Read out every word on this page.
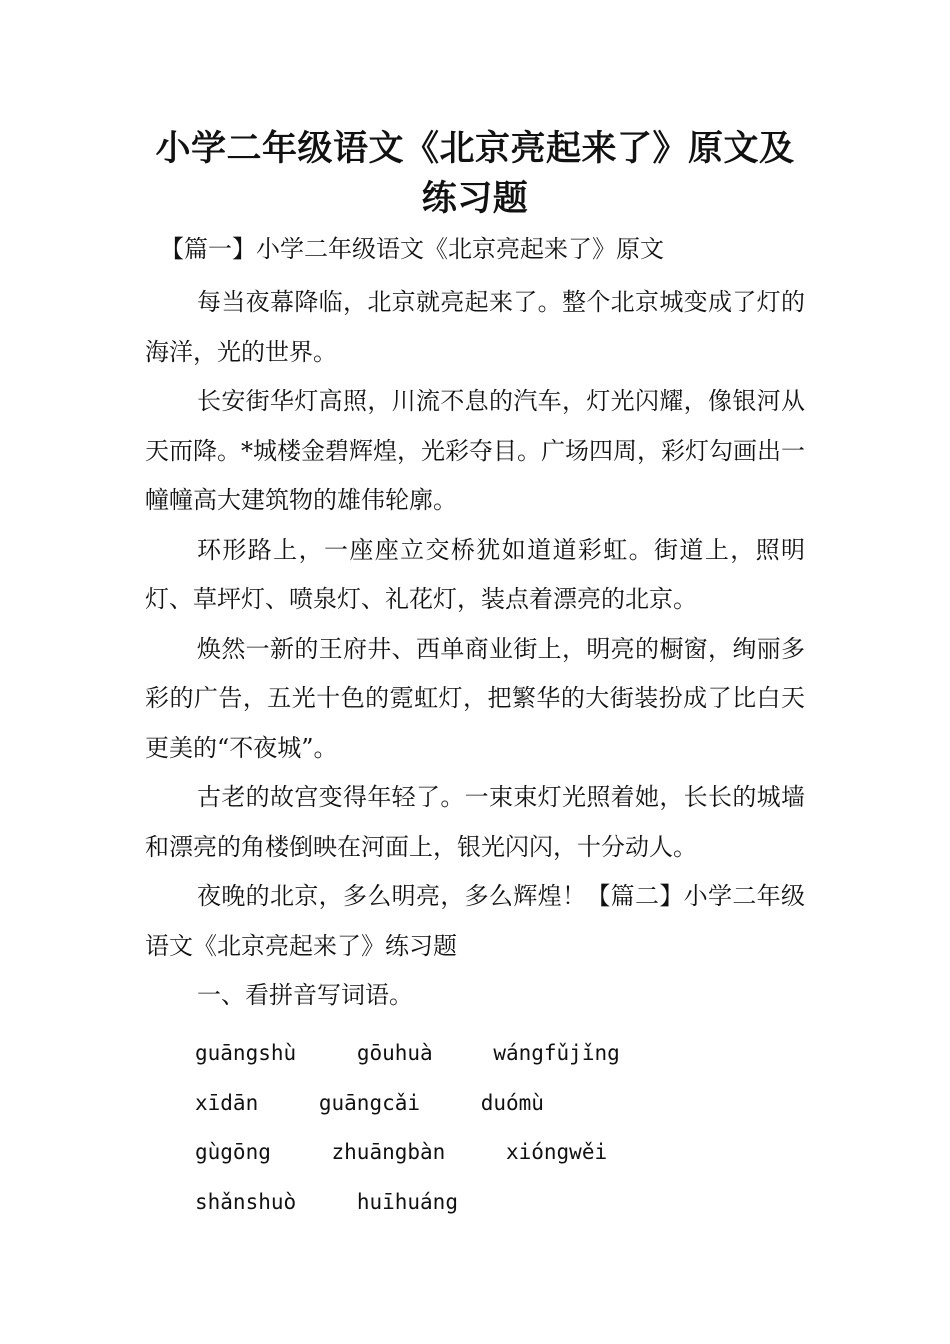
小学二年级语文《北京亮起来了》原文及
练习题
【篇一】小学二年级语文《北京亮起来了》原文

每当夜幕降临，北京就亮起来了。整个北京城变成了灯的海洋，光的世界。

长安街华灯高照，川流不息的汽车，灯光闪耀，像银河从天而降。*城楼金碧辉煌，光彩夺目。广场四周，彩灯勾画出一幢幢高大建筑物的雄伟轮廓。

环形路上，一座座立交桥犹如道道彩虹。街道上，照明灯、草坪灯、喷泉灯、礼花灯，装点着漂亮的北京。

焕然一新的王府井、西单商业街上，明亮的橱窗，绚丽多彩的广告，五光十色的霓虹灯，把繁华的大街装扮成了比白天更美的“不夜城”。

古老的故宫变得年轻了。一束束灯光照着她，长长的城墙和漂亮的角楼倒映在河面上，银光闪闪，十分动人。

夜晚的北京，多么明亮，多么辉煌！【篇二】小学二年级语文《北京亮起来了》练习题

一、看拼音写词语。

guāngshù	gōuhuà	wángfǔjǐng
xīdān	guāngcǎi	duómù
gùgōng	zhuāngbàn	xióngwěi
shǎnshuò	huīhuáng
